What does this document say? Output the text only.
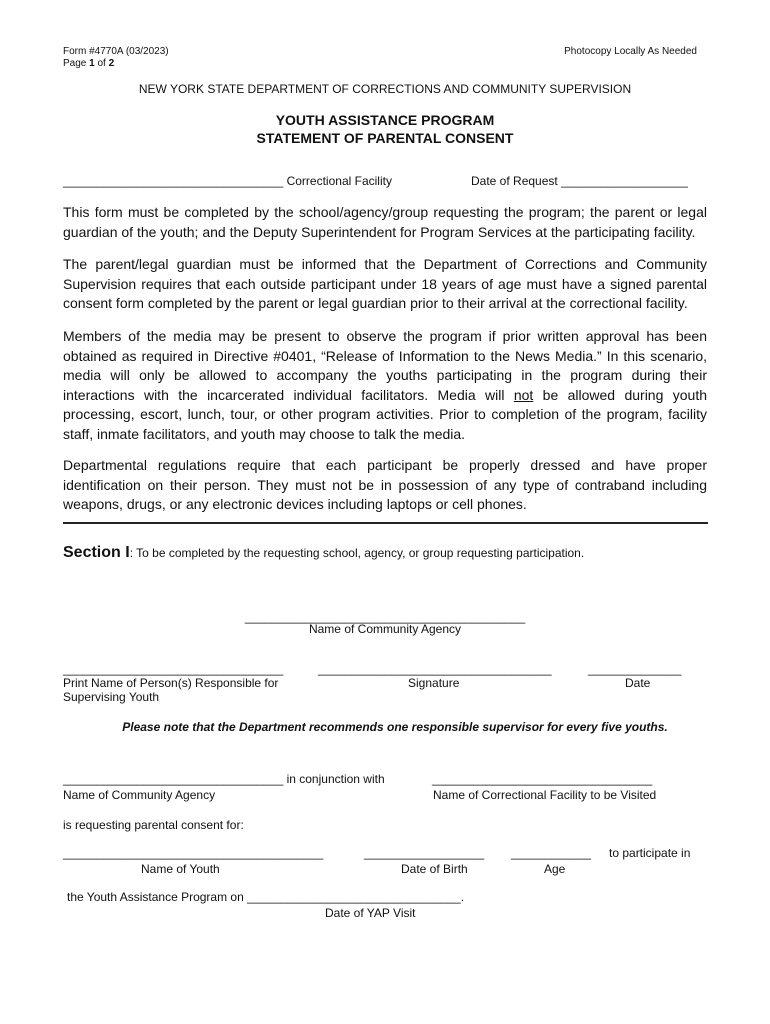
Form #4770A (03/2023)
Page 1 of 2
Photocopy Locally As Needed
NEW YORK STATE DEPARTMENT OF CORRECTIONS AND COMMUNITY SUPERVISION
YOUTH ASSISTANCE PROGRAM
STATEMENT OF PARENTAL CONSENT
_________________________________ Correctional Facility	Date of Request ___________________
This form must be completed by the school/agency/group requesting the program; the parent or legal guardian of the youth; and the Deputy Superintendent for Program Services at the participating facility.
The parent/legal guardian must be informed that the Department of Corrections and Community Supervision requires that each outside participant under 18 years of age must have a signed parental consent form completed by the parent or legal guardian prior to their arrival at the correctional facility.
Members of the media may be present to observe the program if prior written approval has been obtained as required in Directive #0401, “Release of Information to the News Media.” In this scenario, media will only be allowed to accompany the youths participating in the program during their interactions with the incarcerated individual facilitators. Media will not be allowed during youth processing, escort, lunch, tour, or other program activities. Prior to completion of the program, facility staff, inmate facilitators, and youth may choose to talk the media.
Departmental regulations require that each participant be properly dressed and have proper identification on their person. They must not be in possession of any type of contraband including weapons, drugs, or any electronic devices including laptops or cell phones.
Section I: To be completed by the requesting school, agency, or group requesting participation.
__________________________________________
Name of Community Agency
_________________________________	___________________________________	______________
Print Name of Person(s) Responsible for
Supervising Youth
Signature	Date
Please note that the Department recommends one responsible supervisor for every five youths.
_________________________________ in conjunction with	_________________________________
Name of Community Agency	Name of Correctional Facility to be Visited
is requesting parental consent for:
_______________________________________	__________________ ____________ to participate in
Name of Youth	Date of Birth	Age
the Youth Assistance Program on ________________________________.
Date of YAP Visit
